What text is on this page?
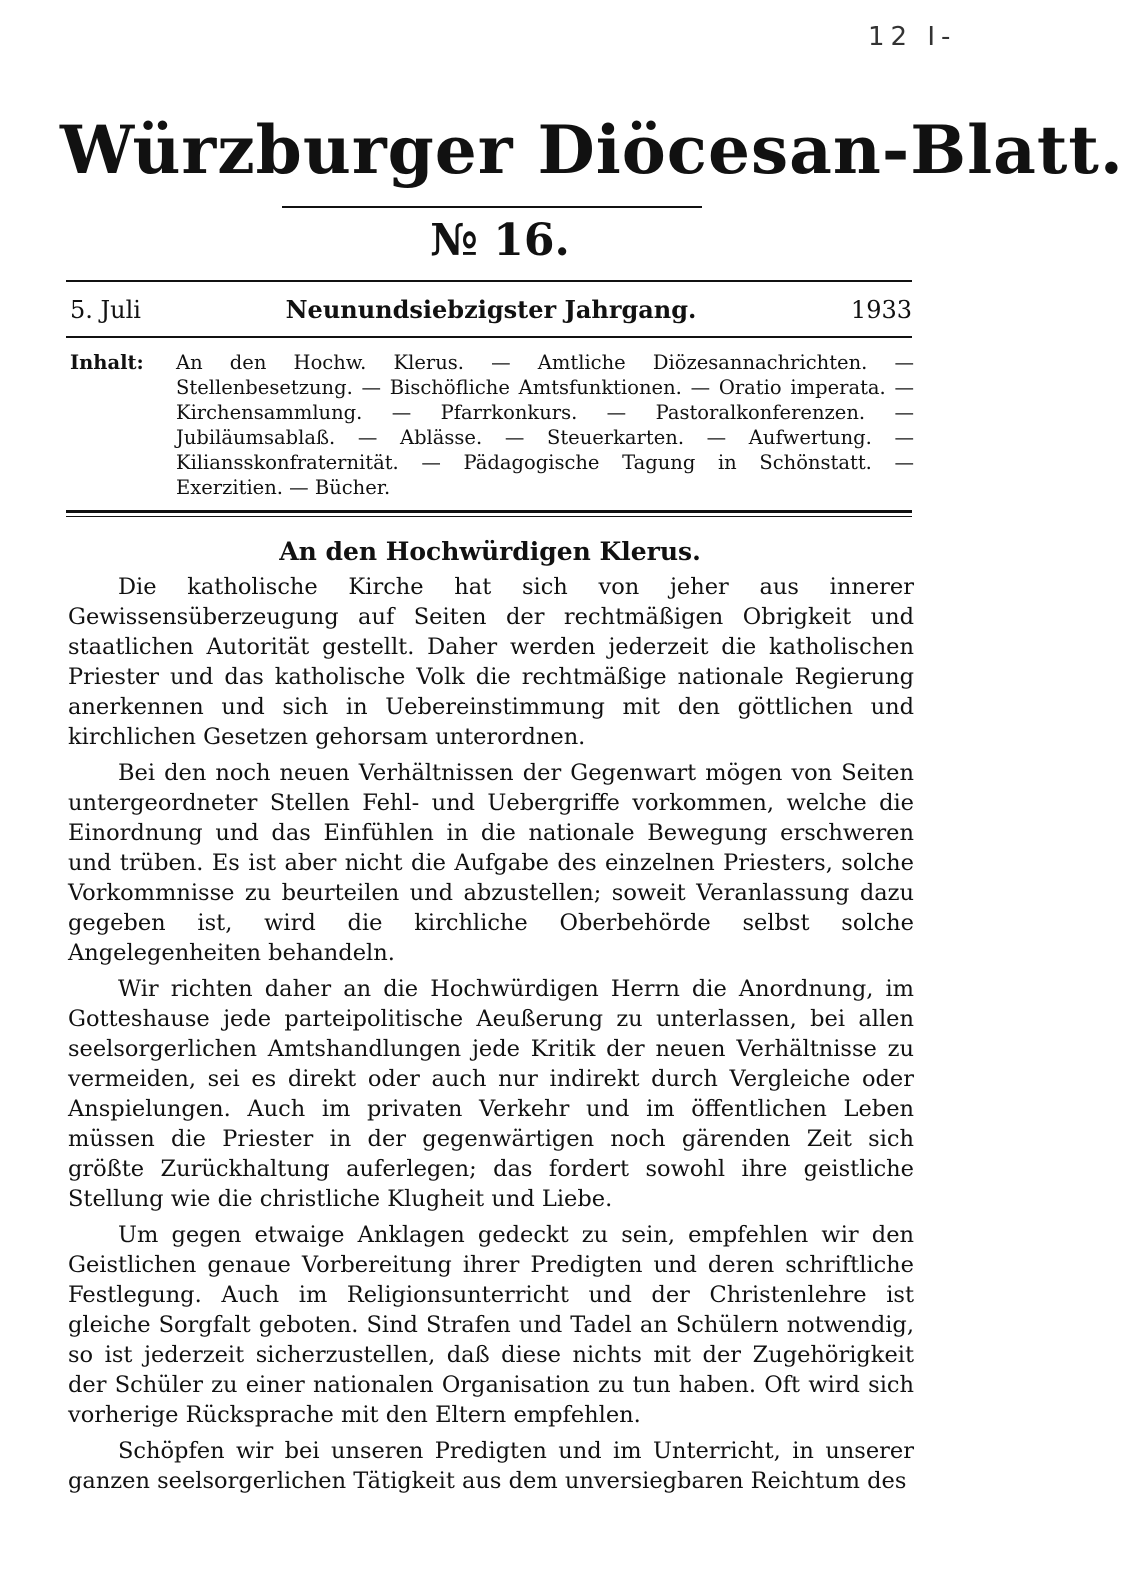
12 I-
Würzburger Diöcesan-Blatt.
№ 16.
5. Juli	Neunundsiebzigster Jahrgang.	1933
Inhalt: An den Hochw. Klerus. — Amtliche Diözesannachrichten. — Stellenbesetzung. — Bischöfliche Amtsfunktionen. — Oratio imperata. — Kirchensammlung. — Pfarrkonkurs. — Pastoralkonferenzen. — Jubiläumsablaß. — Ablässe. — Steuerkarten. — Aufwertung. — Kiliansskonfraternität. — Pädagogische Tagung in Schönstatt. — Exerzitien. — Bücher.
An den Hochwürdigen Klerus.

Die katholische Kirche hat sich von jeher aus innerer Gewissensüberzeugung auf Seiten der rechtmäßigen Obrigkeit und staatlichen Autorität gestellt. Daher werden jederzeit die katholischen Priester und das katholische Volk die rechtmäßige nationale Regierung anerkennen und sich in Uebereinstimmung mit den göttlichen und kirchlichen Gesetzen gehorsam unterordnen.

Bei den noch neuen Verhältnissen der Gegenwart mögen von Seiten untergeordneter Stellen Fehl- und Uebergriffe vorkommen, welche die Einordnung und das Einfühlen in die nationale Bewegung erschweren und trüben. Es ist aber nicht die Aufgabe des einzelnen Priesters, solche Vorkommnisse zu beurteilen und abzustellen; soweit Veranlassung dazu gegeben ist, wird die kirchliche Oberbehörde selbst solche Angelegenheiten behandeln.

Wir richten daher an die Hochwürdigen Herrn die Anordnung, im Gotteshause jede parteipolitische Aeußerung zu unterlassen, bei allen seelsorgerlichen Amtshandlungen jede Kritik der neuen Verhältnisse zu vermeiden, sei es direkt oder auch nur indirekt durch Vergleiche oder Anspielungen. Auch im privaten Verkehr und im öffentlichen Leben müssen die Priester in der gegenwärtigen noch gärenden Zeit sich größte Zurückhaltung auferlegen; das fordert sowohl ihre geistliche Stellung wie die christliche Klugheit und Liebe.

Um gegen etwaige Anklagen gedeckt zu sein, empfehlen wir den Geistlichen genaue Vorbereitung ihrer Predigten und deren schriftliche Festlegung. Auch im Religionsunterricht und der Christenlehre ist gleiche Sorgfalt geboten. Sind Strafen und Tadel an Schülern notwendig, so ist jederzeit sicherzustellen, daß diese nichts mit der Zugehörigkeit der Schüler zu einer nationalen Organisation zu tun haben. Oft wird sich vorherige Rücksprache mit den Eltern empfehlen.

Schöpfen wir bei unseren Predigten und im Unterricht, in unserer ganzen seelsorgerlichen Tätigkeit aus dem unversiegbaren Reichtum des
